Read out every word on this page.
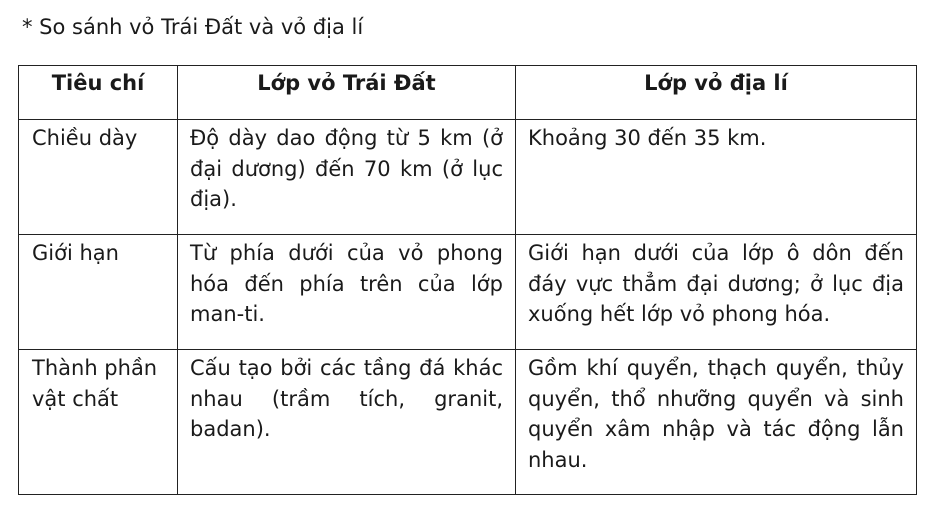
* So sánh vỏ Trái Đất và vỏ địa lí
Tiêu chí	Lớp vỏ Trái Đất	Lớp vỏ địa lí
Chiều dày	Độ dày dao động từ 5 km (ở đại dương) đến 70 km (ở lục địa).	Khoảng 30 đến 35 km.
Giới hạn	Từ phía dưới của vỏ phong hóa đến phía trên của lớp man-ti.	Giới hạn dưới của lớp ô dôn đến đáy vực thẳm đại dương; ở lục địa xuống hết lớp vỏ phong hóa.
Thành phần vật chất	Cấu tạo bởi các tầng đá khác nhau (trầm tích, granit, badan).	Gồm khí quyển, thạch quyển, thủy quyển, thổ nhưỡng quyển và sinh quyển xâm nhập và tác động lẫn nhau.
